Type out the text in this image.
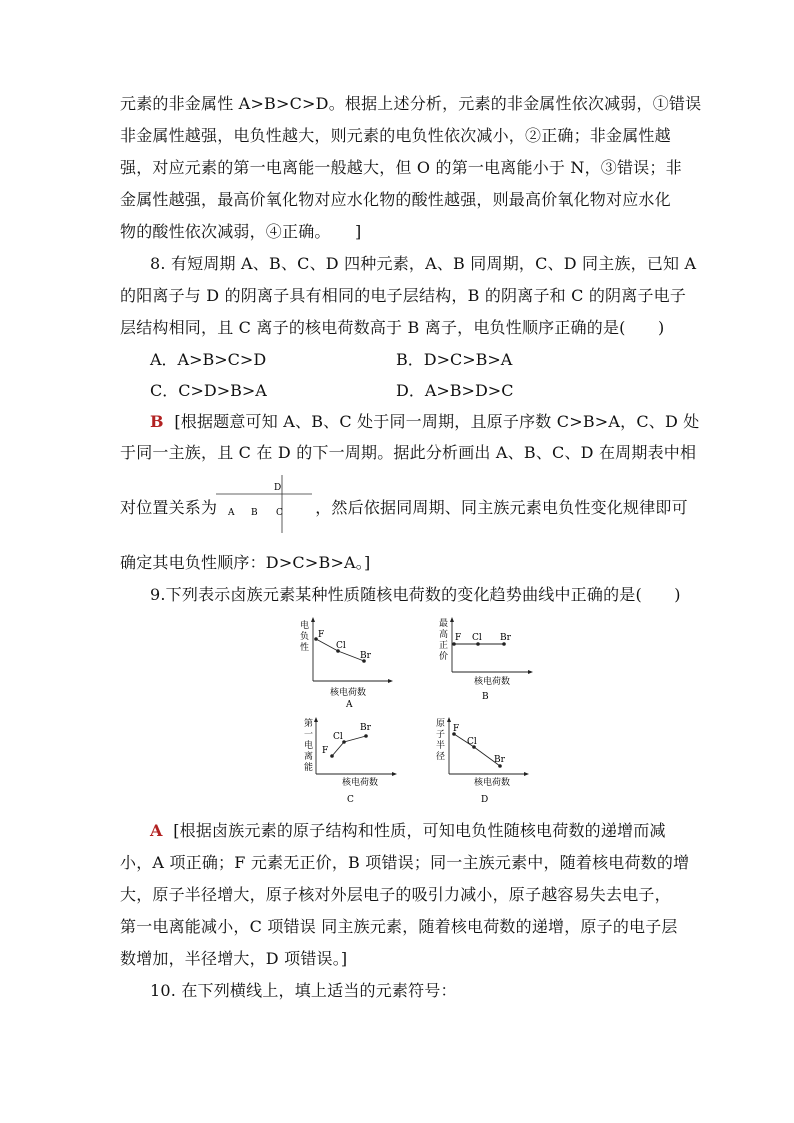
元素的非金属性 A>B>C>D。根据上述分析，元素的非金属性依次减弱，①错误
非金属性越强，电负性越大，则元素的电负性依次减小，②正确；非金属性越
强，对应元素的第一电离能一般越大，但 O 的第一电离能小于 N，③错误；非
金属性越强，最高价氧化物对应水化物的酸性越强，则最高价氧化物对应水化
物的酸性依次减弱，④正确。　　]
8. 有短周期 A、B、C、D 四种元素，A、B 同周期，C、D 同主族，已知 A
的阳离子与 D 的阴离子具有相同的电子层结构，B 的阴离子和 C 的阴离子电子
层结构相同，且 C 离子的核电荷数高于 B 离子，电负性顺序正确的是(　　)
A．A>B>C>D	B．D>C>B>A
C．C>D>B>A	D．A>B>D>C
B [根据题意可知 A、B、C 处于同一周期，且原子序数 C>B>A，C、D 处
于同一主族，且 C 在 D 的下一周期。据此分析画出 A、B、C、D 在周期表中相
对位置关系为	，然后依据同周期、同主族元素电负性变化规律即可
D
A B C
确定其电负性顺序：D>C>B>A。]
9.下列表示卤族元素某种性质随核电荷数的变化趋势曲线中正确的是(　　)
电
负
性
F
Cl
Br
核电荷数
A
最
高
正
价
F Cl Br
核电荷数
B
第
一
电
离
能
F
Cl
Br
核电荷数
C
原
子
半
径
F
Cl
Br
核电荷数
D
A [根据卤族元素的原子结构和性质，可知电负性随核电荷数的递增而减
小，A 项正确；F 元素无正价，B 项错误；同一主族元素中，随着核电荷数的增
大，原子半径增大，原子核对外层电子的吸引力减小，原子越容易失去电子，
第一电离能减小，C 项错误 同主族元素，随着核电荷数的递增，原子的电子层
数增加，半径增大，D 项错误。]
10. 在下列横线上，填上适当的元素符号：
